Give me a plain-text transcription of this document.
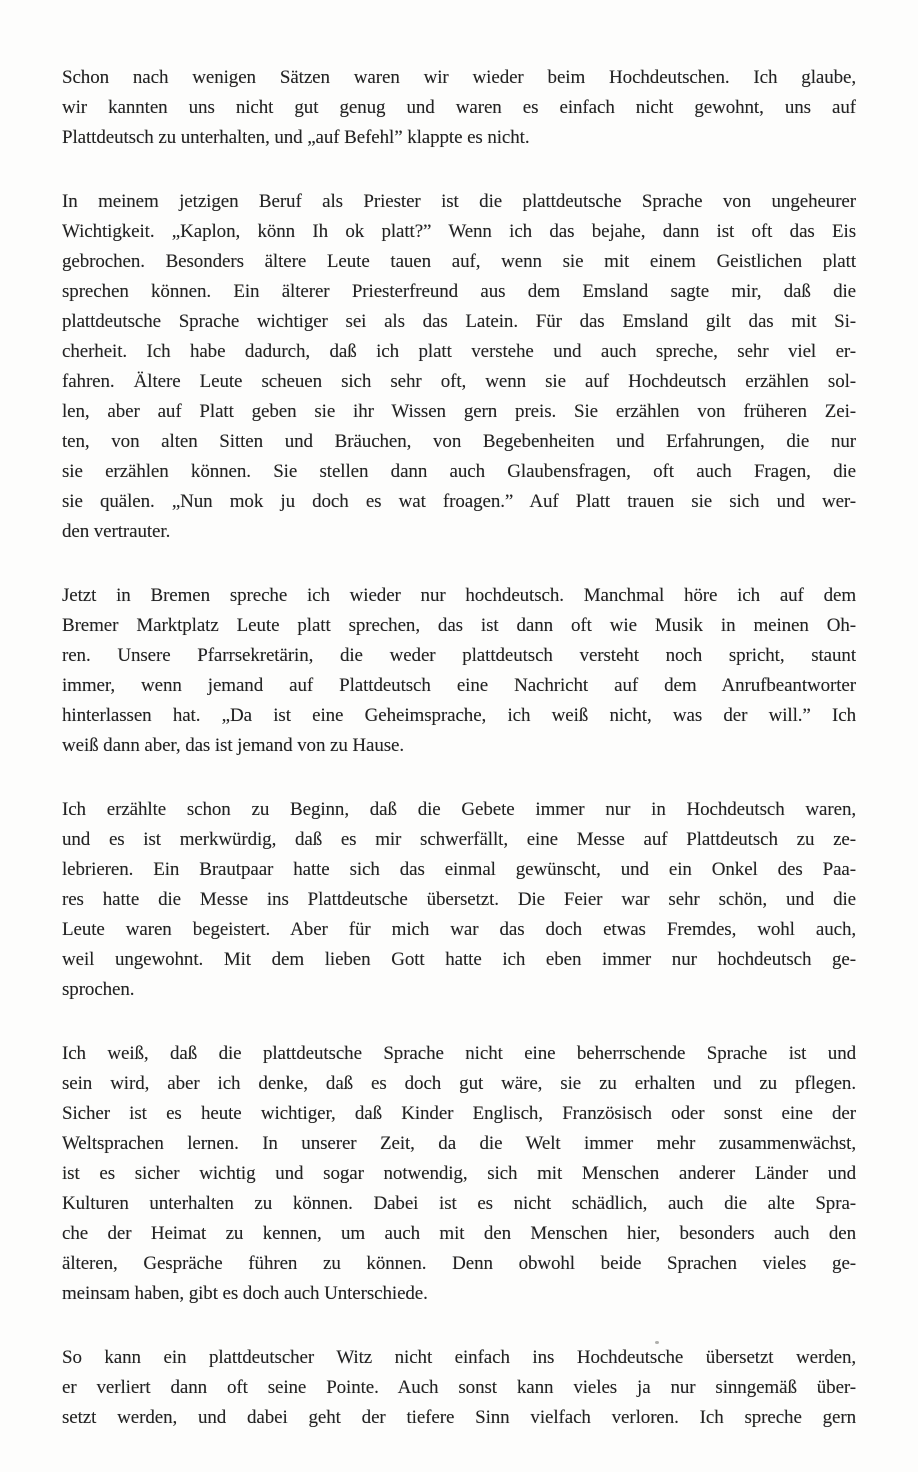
Schon nach wenigen Sätzen waren wir wieder beim Hochdeutschen. Ich glaube,
wir kannten uns nicht gut genug und waren es einfach nicht gewohnt, uns auf
Plattdeutsch zu unterhalten, und „auf Befehl” klappte es nicht.
In meinem jetzigen Beruf als Priester ist die plattdeutsche Sprache von ungeheurer
Wichtigkeit. „Kaplon, könn Ih ok platt?” Wenn ich das bejahe, dann ist oft das Eis
gebrochen. Besonders ältere Leute tauen auf, wenn sie mit einem Geistlichen platt
sprechen können. Ein älterer Priesterfreund aus dem Emsland sagte mir, daß die
plattdeutsche Sprache wichtiger sei als das Latein. Für das Emsland gilt das mit Si-
cherheit. Ich habe dadurch, daß ich platt verstehe und auch spreche, sehr viel er-
fahren. Ältere Leute scheuen sich sehr oft, wenn sie auf Hochdeutsch erzählen sol-
len, aber auf Platt geben sie ihr Wissen gern preis. Sie erzählen von früheren Zei-
ten, von alten Sitten und Bräuchen, von Begebenheiten und Erfahrungen, die nur
sie erzählen können. Sie stellen dann auch Glaubensfragen, oft auch Fragen, die
sie quälen. „Nun mok ju doch es wat froagen.” Auf Platt trauen sie sich und wer-
den vertrauter.
Jetzt in Bremen spreche ich wieder nur hochdeutsch. Manchmal höre ich auf dem
Bremer Marktplatz Leute platt sprechen, das ist dann oft wie Musik in meinen Oh-
ren. Unsere Pfarrsekretärin, die weder plattdeutsch versteht noch spricht, staunt
immer, wenn jemand auf Plattdeutsch eine Nachricht auf dem Anrufbeantworter
hinterlassen hat. „Da ist eine Geheimsprache, ich weiß nicht, was der will.” Ich
weiß dann aber, das ist jemand von zu Hause.
Ich erzählte schon zu Beginn, daß die Gebete immer nur in Hochdeutsch waren,
und es ist merkwürdig, daß es mir schwerfällt, eine Messe auf Plattdeutsch zu ze-
lebrieren. Ein Brautpaar hatte sich das einmal gewünscht, und ein Onkel des Paa-
res hatte die Messe ins Plattdeutsche übersetzt. Die Feier war sehr schön, und die
Leute waren begeistert. Aber für mich war das doch etwas Fremdes, wohl auch,
weil ungewohnt. Mit dem lieben Gott hatte ich eben immer nur hochdeutsch ge-
sprochen.
Ich weiß, daß die plattdeutsche Sprache nicht eine beherrschende Sprache ist und
sein wird, aber ich denke, daß es doch gut wäre, sie zu erhalten und zu pflegen.
Sicher ist es heute wichtiger, daß Kinder Englisch, Französisch oder sonst eine der
Weltsprachen lernen. In unserer Zeit, da die Welt immer mehr zusammenwächst,
ist es sicher wichtig und sogar notwendig, sich mit Menschen anderer Länder und
Kulturen unterhalten zu können. Dabei ist es nicht schädlich, auch die alte Spra-
che der Heimat zu kennen, um auch mit den Menschen hier, besonders auch den
älteren, Gespräche führen zu können. Denn obwohl beide Sprachen vieles ge-
meinsam haben, gibt es doch auch Unterschiede.
So kann ein plattdeutscher Witz nicht einfach ins Hochdeutsche übersetzt werden,
er verliert dann oft seine Pointe. Auch sonst kann vieles ja nur sinngemäß über-
setzt werden, und dabei geht der tiefere Sinn vielfach verloren. Ich spreche gern
